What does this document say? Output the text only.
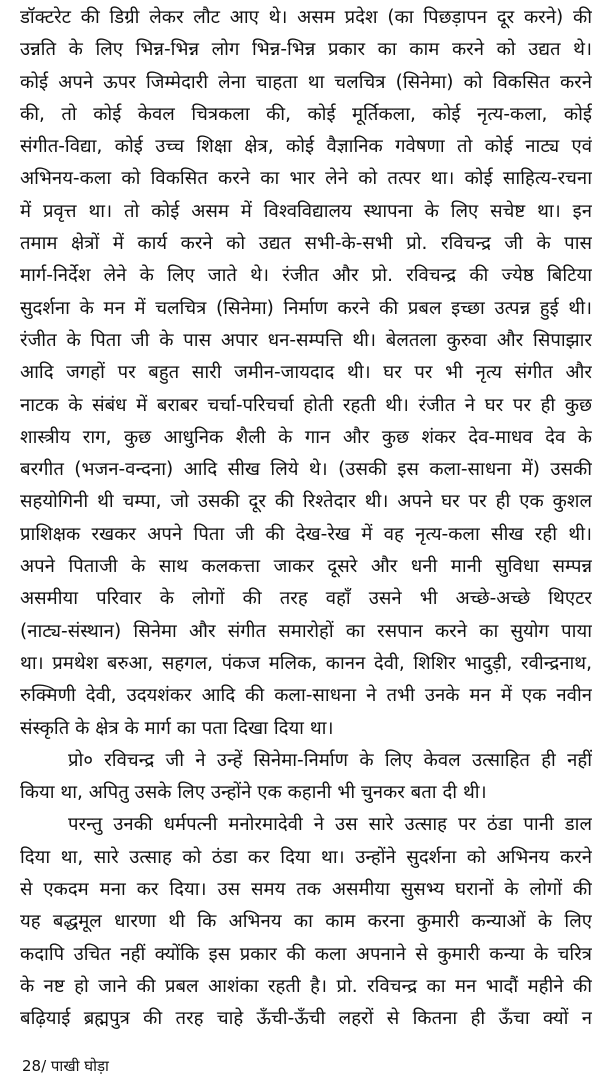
डॉक्टरेट की डिग्री लेकर लौट आए थे। असम प्रदेश (का पिछड़ापन दूर करने) की
उन्नति के लिए भिन्न-भिन्न लोग भिन्न-भिन्न प्रकार का काम करने को उद्यत थे।
कोई अपने ऊपर जिम्मेदारी लेना चाहता था चलचित्र (सिनेमा) को विकसित करने
की, तो कोई केवल चित्रकला की, कोई मूर्तिकला, कोई नृत्य-कला, कोई
संगीत-विद्या, कोई उच्च शिक्षा क्षेत्र, कोई वैज्ञानिक गवेषणा तो कोई नाट्य एवं
अभिनय-कला को विकसित करने का भार लेने को तत्पर था। कोई साहित्य-रचना
में प्रवृत्त था। तो कोई असम में विश्वविद्यालय स्थापना के लिए सचेष्ट था। इन
तमाम क्षेत्रों में कार्य करने को उद्यत सभी-के-सभी प्रो. रविचन्द्र जी के पास
मार्ग-निर्देश लेने के लिए जाते थे। रंजीत और प्रो. रविचन्द्र की ज्येष्ठ बिटिया
सुदर्शना के मन में चलचित्र (सिनेमा) निर्माण करने की प्रबल इच्छा उत्पन्न हुई थी।
रंजीत के पिता जी के पास अपार धन-सम्पत्ति थी। बेलतला कुरुवा और सिपाझार
आदि जगहों पर बहुत सारी जमीन-जायदाद थी। घर पर भी नृत्य संगीत और
नाटक के संबंध में बराबर चर्चा-परिचर्चा होती रहती थी। रंजीत ने घर पर ही कुछ
शास्त्रीय राग, कुछ आधुनिक शैली के गान और कुछ शंकर देव-माधव देव के
बरगीत (भजन-वन्दना) आदि सीख लिये थे। (उसकी इस कला-साधना में) उसकी
सहयोगिनी थी चम्पा, जो उसकी दूर की रिश्तेदार थी। अपने घर पर ही एक कुशल
प्राशिक्षक रखकर अपने पिता जी की देख-रेख में वह नृत्य-कला सीख रही थी।
अपने पिताजी के साथ कलकत्ता जाकर दूसरे और धनी मानी सुविधा सम्पन्न
असमीया परिवार के लोगों की तरह वहाँ उसने भी अच्छे-अच्छे थिएटर
(नाट्य-संस्थान) सिनेमा और संगीत समारोहों का रसपान करने का सुयोग पाया
था। प्रमथेश बरुआ, सहगल, पंकज मलिक, कानन देवी, शिशिर भादुड़ी, रवीन्द्रनाथ,
रुक्मिणी देवी, उदयशंकर आदि की कला-साधना ने तभी उनके मन में एक नवीन
संस्कृति के क्षेत्र के मार्ग का पता दिखा दिया था।
प्रो० रविचन्द्र जी ने उन्हें सिनेमा-निर्माण के लिए केवल उत्साहित ही नहीं
किया था, अपितु उसके लिए उन्होंने एक कहानी भी चुनकर बता दी थी।
परन्तु उनकी धर्मपत्नी मनोरमादेवी ने उस सारे उत्साह पर ठंडा पानी डाल
दिया था, सारे उत्साह को ठंडा कर दिया था। उन्होंने सुदर्शना को अभिनय करने
से एकदम मना कर दिया। उस समय तक असमीया सुसभ्य घरानों के लोगों की
यह बद्धमूल धारणा थी कि अभिनय का काम करना कुमारी कन्याओं के लिए
कदापि उचित नहीं क्योंकि इस प्रकार की कला अपनाने से कुमारी कन्या के चरित्र
के नष्ट हो जाने की प्रबल आशंका रहती है। प्रो. रविचन्द्र का मन भादौं महीने की
बढ़ियाई ब्रह्मपुत्र की तरह चाहे ऊँची-ऊँची लहरों से कितना ही ऊँचा क्यों न
28/ पाखी घोड़ा
